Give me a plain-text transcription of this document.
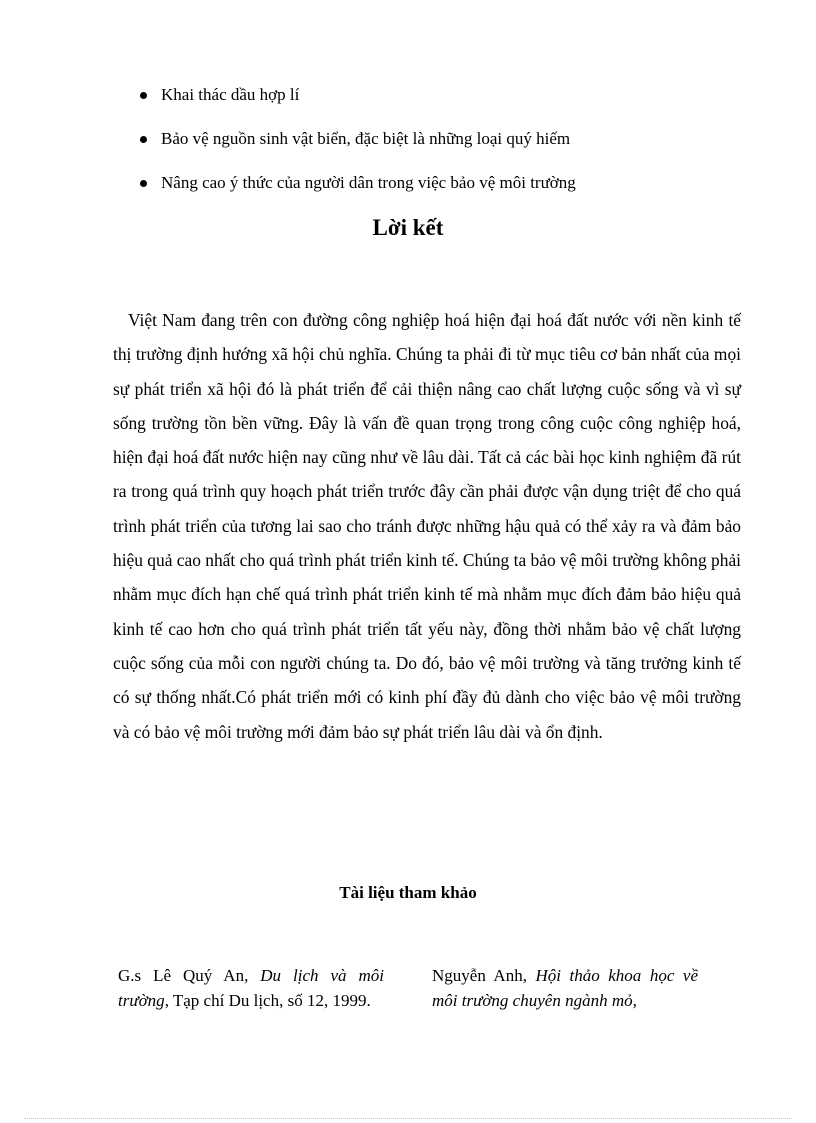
Khai thác dầu hợp lí
Bảo vệ nguồn sinh vật biển, đặc biệt là những loại quý hiếm
Nâng cao ý thức của người dân trong việc bảo vệ môi trường
Lời kết

Việt Nam đang trên con đường công nghiệp hoá hiện đại hoá đất nước với nền kinh tế thị trường định hướng xã hội chủ nghĩa. Chúng ta phải đi từ mục tiêu cơ bản nhất của mọi sự phát triển xã hội đó là phát triển để cải thiện nâng cao chất lượng cuộc sống và vì sự sống trường tồn bền vững. Đây là vấn đề quan trọng trong công cuộc công nghiệp hoá, hiện đại hoá đất nước hiện nay cũng như về lâu dài. Tất cả các bài học kinh nghiệm đã rút ra trong quá trình quy hoạch phát triển trước đây cần phải được vận dụng triệt để cho quá trình phát triển của tương lai sao cho tránh được những hậu quả có thể xảy ra và đảm bảo hiệu quả cao nhất cho quá trình phát triển kinh tế. Chúng ta bảo vệ môi trường không phải nhằm mục đích hạn chế quá trình phát triển kinh tế mà nhằm mục đích đảm bảo hiệu quả kinh tế cao hơn cho quá trình phát triển tất yếu này, đồng thời nhằm bảo vệ chất lượng cuộc sống của mỗi con người chúng ta. Do đó, bảo vệ môi trường và tăng trưởng kinh tế có sự thống nhất.Có phát triển mới có kinh phí đầy đủ dành cho việc bảo vệ môi trường và có bảo vệ môi trường mới đảm bảo sự phát triển lâu dài và ổn định.

Tài liệu tham khảo

G.s Lê Quý An, Du lịch và môi trường, Tạp chí Du lịch, số 12, 1999.

Nguyễn Anh, Hội thảo khoa học về môi trường chuyên ngành mỏ,
